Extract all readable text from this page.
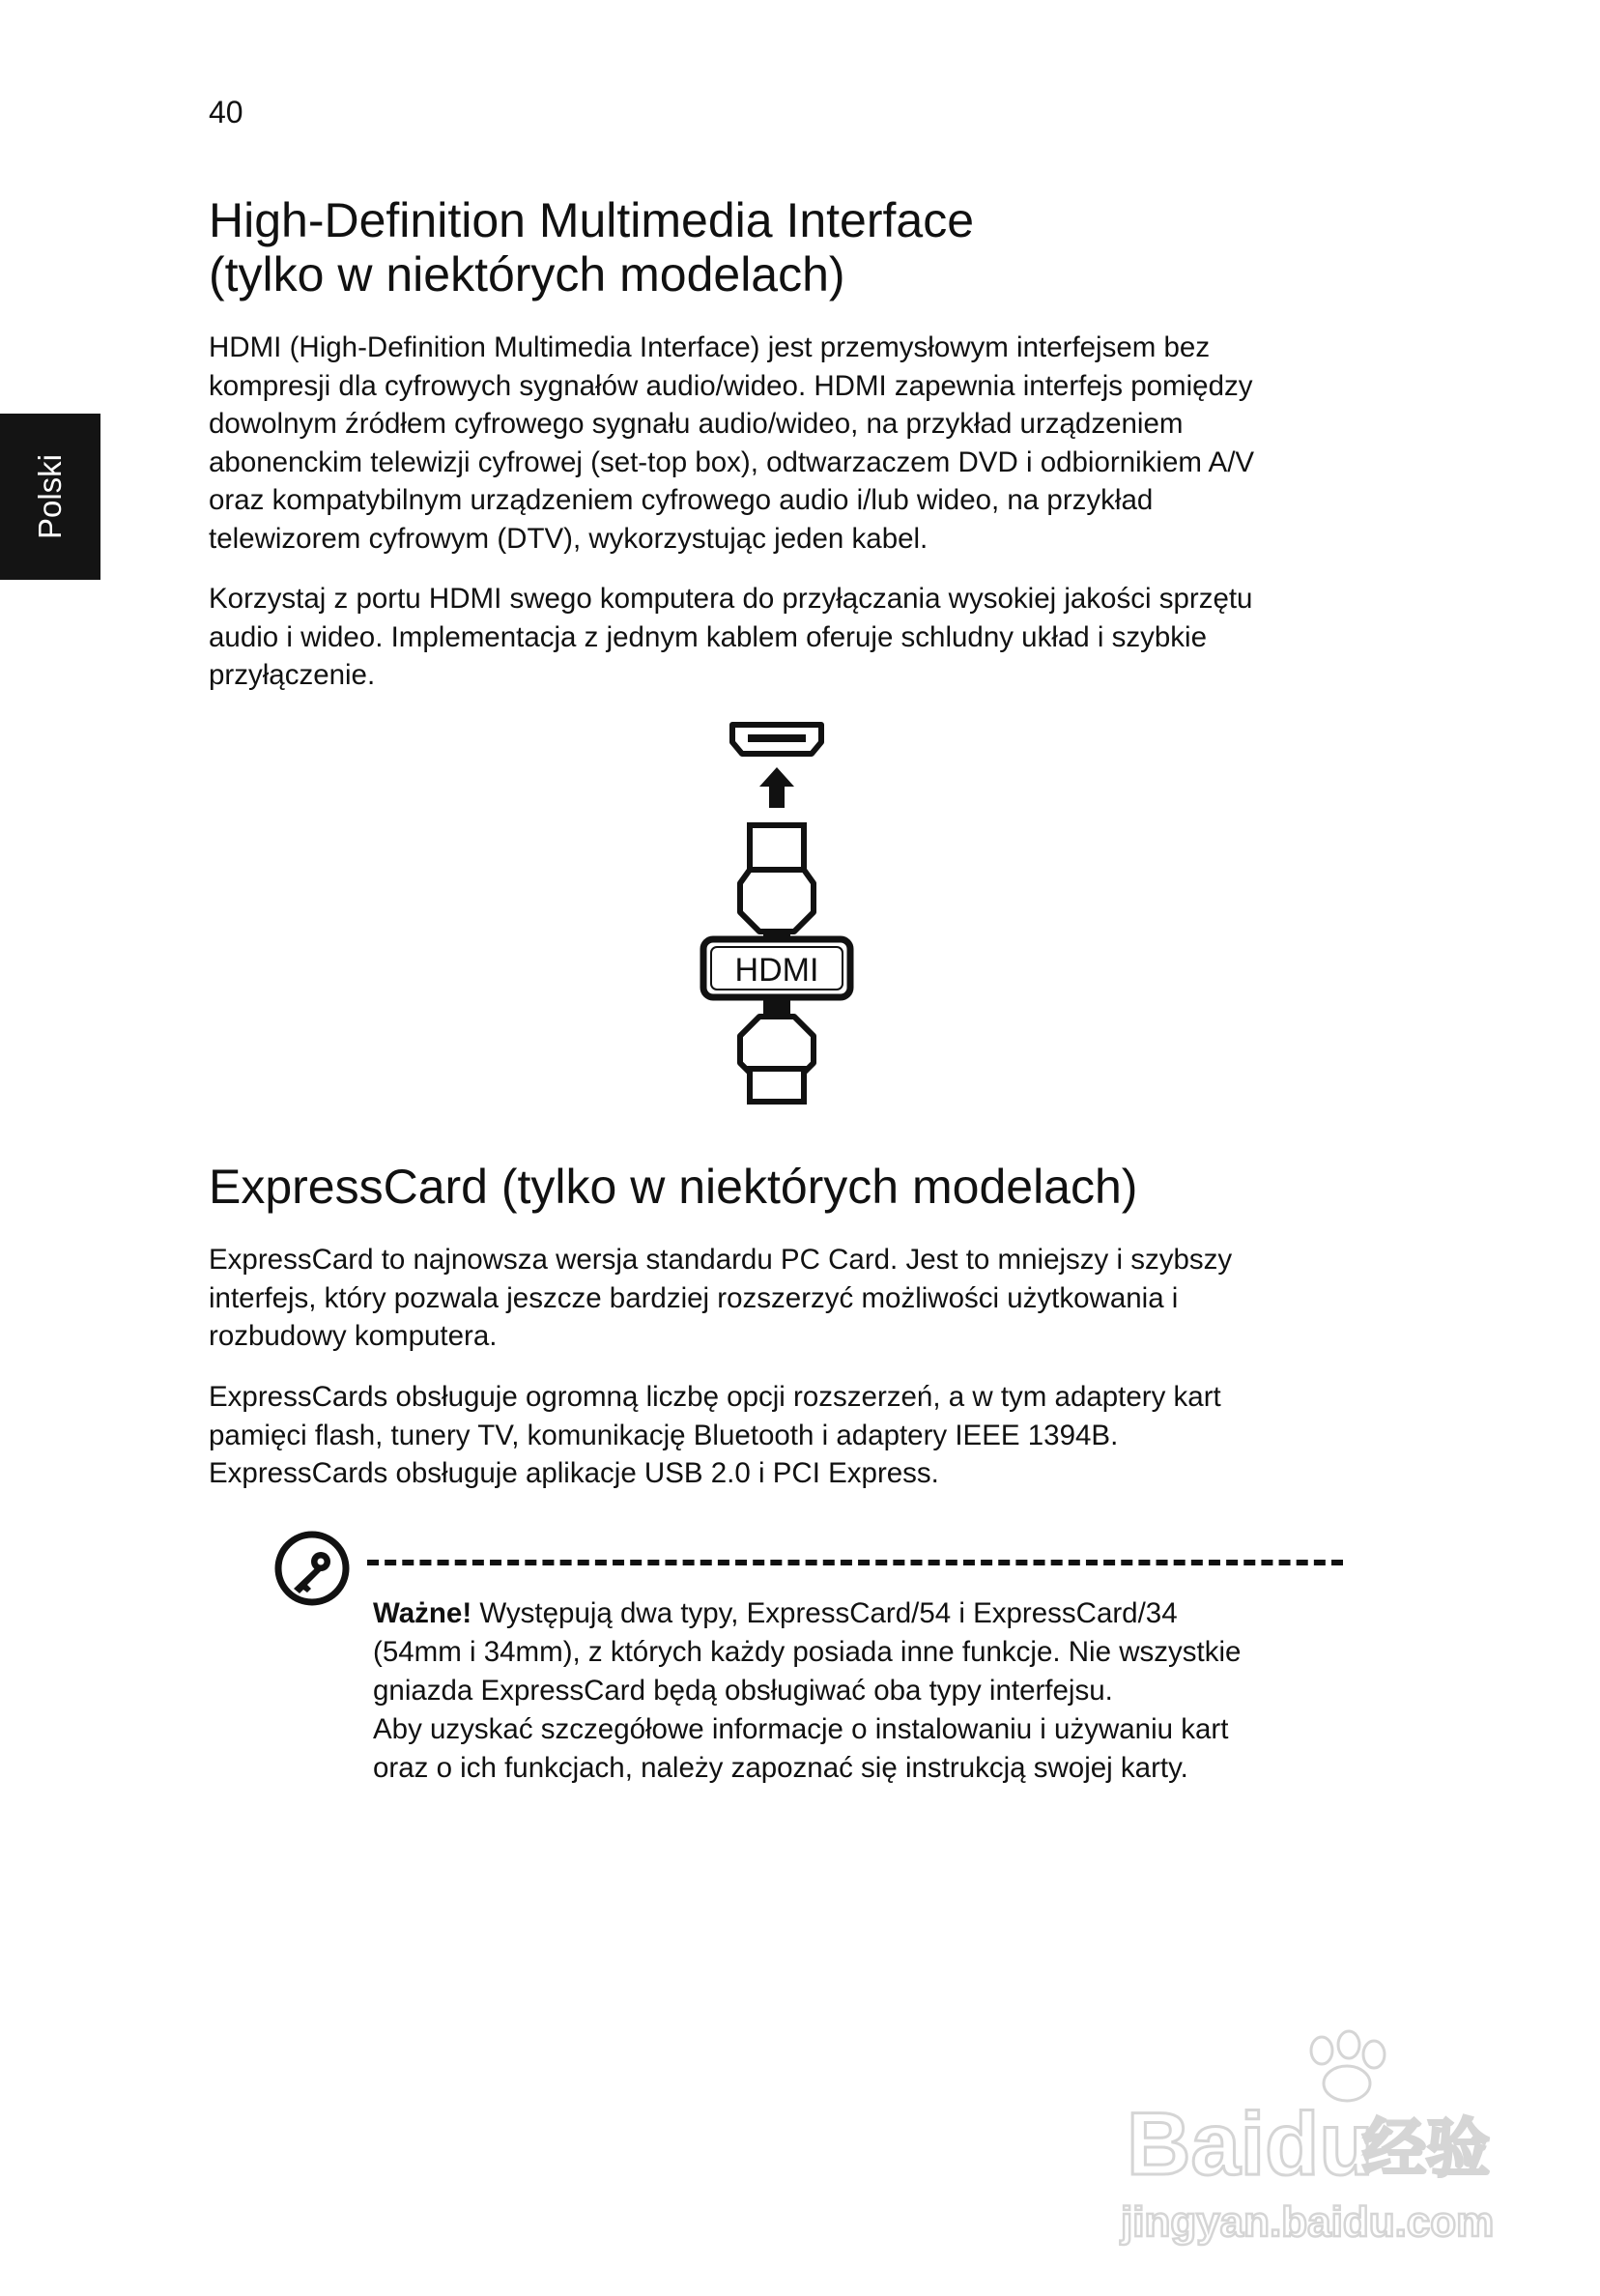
40
Polski
High-Definition Multimedia Interface
(tylko w niektórych modelach)

HDMI (High-Definition Multimedia Interface) jest przemysłowym interfejsem bez
kompresji dla cyfrowych sygnałów audio/wideo. HDMI zapewnia interfejs pomiędzy
dowolnym źródłem cyfrowego sygnału audio/wideo, na przykład urządzeniem
abonenckim telewizji cyfrowej (set-top box), odtwarzaczem DVD i odbiornikiem A/V
oraz kompatybilnym urządzeniem cyfrowego audio i/lub wideo, na przykład
telewizorem cyfrowym (DTV), wykorzystując jeden kabel.

Korzystaj z portu HDMI swego komputera do przyłączania wysokiej jakości sprzętu
audio i wideo. Implementacja z jednym kablem oferuje schludny układ i szybkie
przyłączenie.

HDMI
ExpressCard (tylko w niektórych modelach)

ExpressCard to najnowsza wersja standardu PC Card. Jest to mniejszy i szybszy
interfejs, który pozwala jeszcze bardziej rozszerzyć możliwości użytkowania i
rozbudowy komputera.

ExpressCards obsługuje ogromną liczbę opcji rozszerzeń, a w tym adaptery kart
pamięci flash, tunery TV, komunikację Bluetooth i adaptery IEEE 1394B.
ExpressCards obsługuje aplikacje USB 2.0 i PCI Express.

Ważne! Występują dwa typy, ExpressCard/54 i ExpressCard/34
(54mm i 34mm), z których każdy posiada inne funkcje. Nie wszystkie
gniazda ExpressCard będą obsługiwać oba typy interfejsu.
Aby uzyskać szczegółowe informacje o instalowaniu i używaniu kart
oraz o ich funkcjach, należy zapoznać się instrukcją swojej karty.

Baidu
经验
jingyan.baidu.com
